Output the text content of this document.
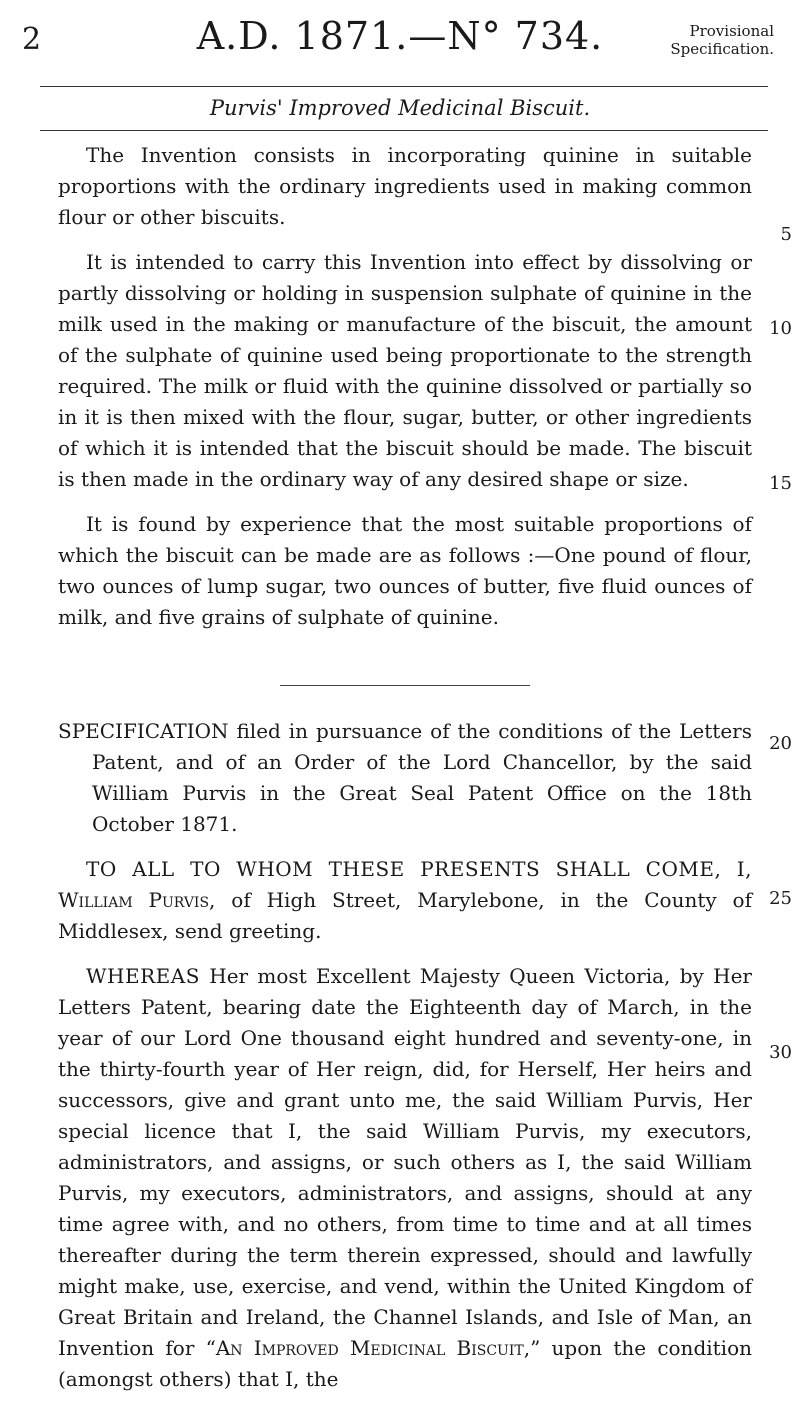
2	A.D. 1871.—N° 734.	Provisional
Specification.
Purvis' Improved Medicinal Biscuit.

The Invention consists in incorporating quinine in suitable proportions with the ordinary ingredients used in making common flour or other biscuits.

It is intended to carry this Invention into effect by dissolving or partly dissolving or holding in suspension sulphate of quinine in the milk used in the making or manufacture of the biscuit, the amount of the sulphate of quinine used being proportionate to the strength required. The milk or fluid with the quinine dissolved or partially so in it is then mixed with the flour, sugar, butter, or other ingredients of which it is intended that the biscuit should be made. The biscuit is then made in the ordinary way of any desired shape or size.

It is found by experience that the most suitable proportions of which the biscuit can be made are as follows :—One pound of flour, two ounces of lump sugar, two ounces of butter, five fluid ounces of milk, and five grains of sulphate of quinine.

SPECIFICATION filed in pursuance of the conditions of the Letters Patent, and of an Order of the Lord Chancellor, by the said William Purvis in the Great Seal Patent Office on the 18th October 1871.

TO ALL TO WHOM THESE PRESENTS SHALL COME, I, William Purvis, of High Street, Marylebone, in the County of Middlesex, send greeting.

WHEREAS Her most Excellent Majesty Queen Victoria, by Her Letters Patent, bearing date the Eighteenth day of March, in the year of our Lord One thousand eight hundred and seventy-one, in the thirty-fourth year of Her reign, did, for Herself, Her heirs and successors, give and grant unto me, the said William Purvis, Her special licence that I, the said William Purvis, my executors, administrators, and assigns, or such others as I, the said William Purvis, my executors, administrators, and assigns, should at any time agree with, and no others, from time to time and at all times thereafter during the term therein expressed, should and lawfully might make, use, exercise, and vend, within the United Kingdom of Great Britain and Ireland, the Channel Islands, and Isle of Man, an Invention for “An Improved Medicinal Biscuit,” upon the condition (amongst others) that I, the

5
10
15
20
25
30
